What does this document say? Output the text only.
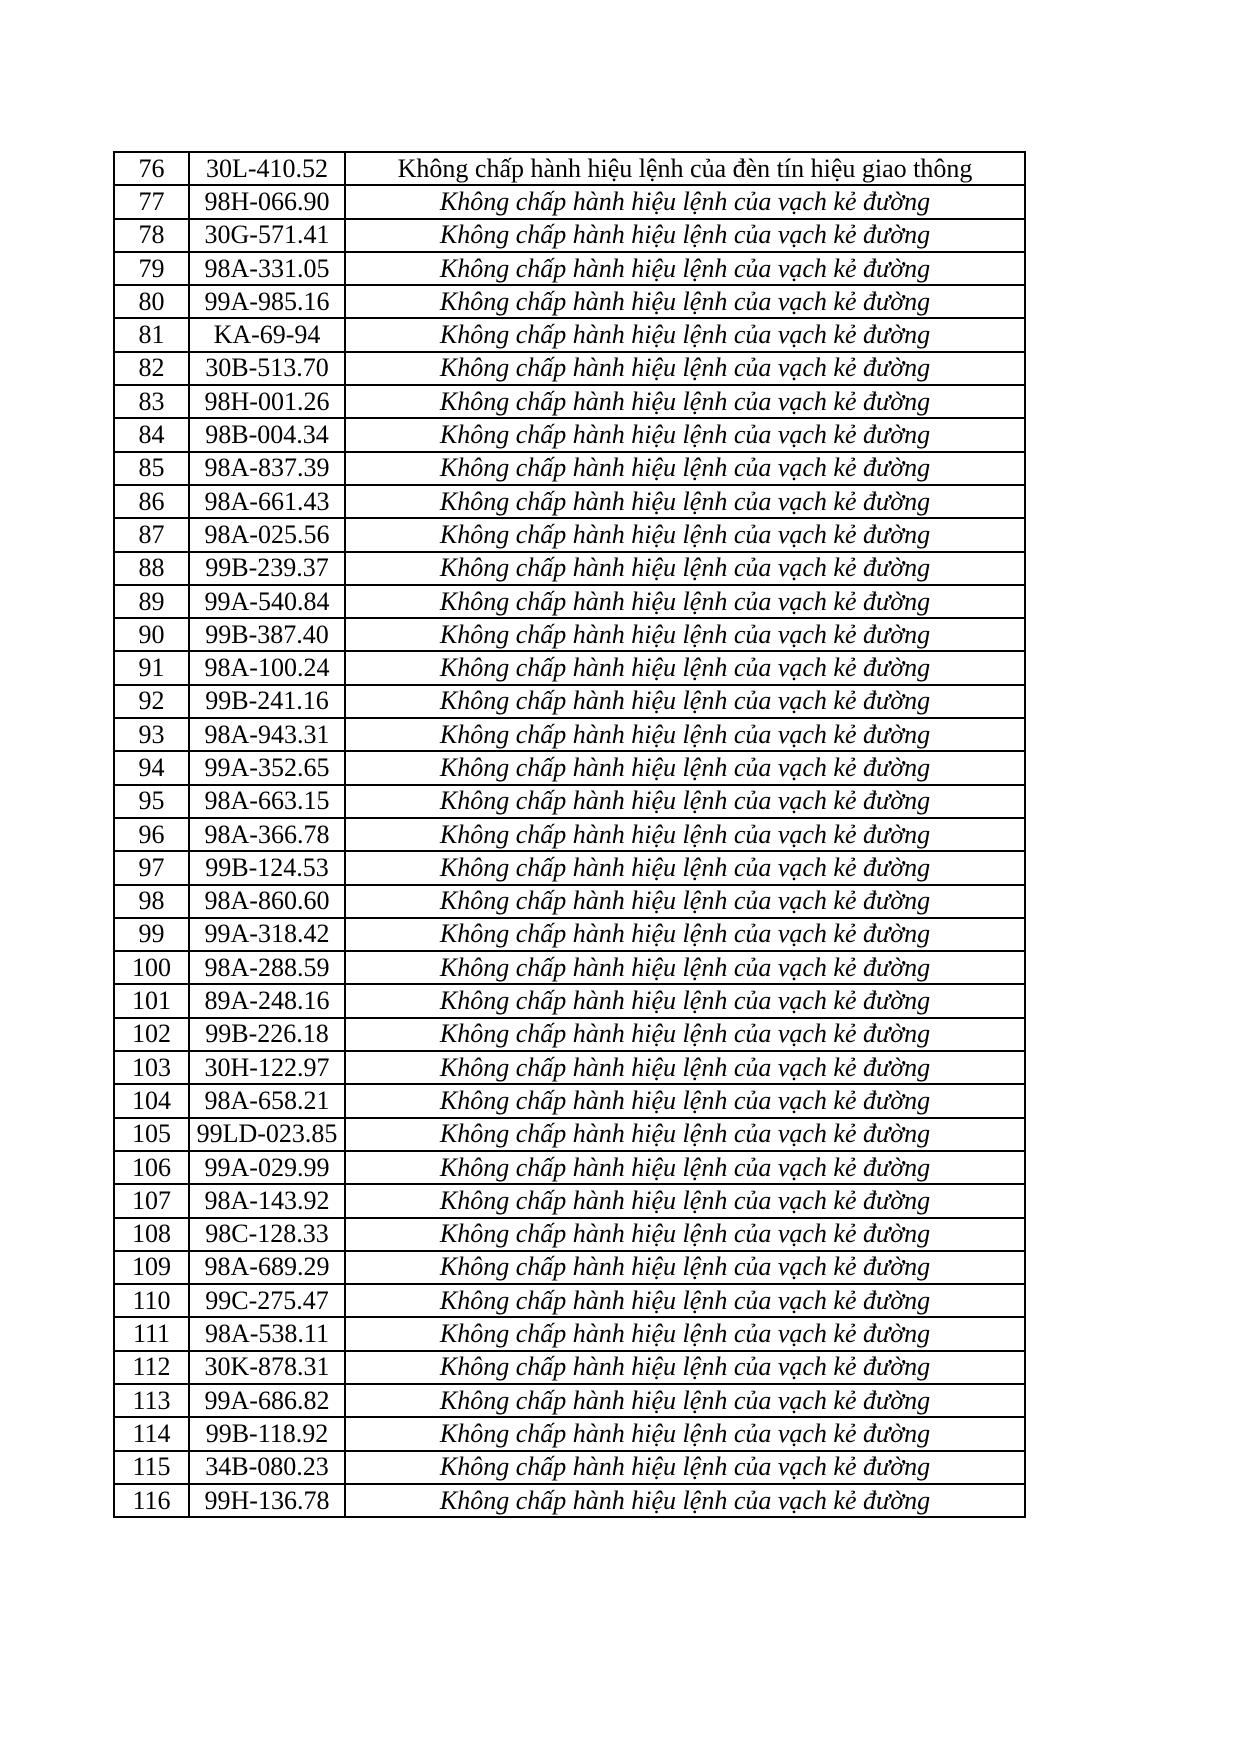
76	30L-410.52	Không chấp hành hiệu lệnh của đèn tín hiệu giao thông
77	98H-066.90	Không chấp hành hiệu lệnh của vạch kẻ đường
78	30G-571.41	Không chấp hành hiệu lệnh của vạch kẻ đường
79	98A-331.05	Không chấp hành hiệu lệnh của vạch kẻ đường
80	99A-985.16	Không chấp hành hiệu lệnh của vạch kẻ đường
81	KA-69-94	Không chấp hành hiệu lệnh của vạch kẻ đường
82	30B-513.70	Không chấp hành hiệu lệnh của vạch kẻ đường
83	98H-001.26	Không chấp hành hiệu lệnh của vạch kẻ đường
84	98B-004.34	Không chấp hành hiệu lệnh của vạch kẻ đường
85	98A-837.39	Không chấp hành hiệu lệnh của vạch kẻ đường
86	98A-661.43	Không chấp hành hiệu lệnh của vạch kẻ đường
87	98A-025.56	Không chấp hành hiệu lệnh của vạch kẻ đường
88	99B-239.37	Không chấp hành hiệu lệnh của vạch kẻ đường
89	99A-540.84	Không chấp hành hiệu lệnh của vạch kẻ đường
90	99B-387.40	Không chấp hành hiệu lệnh của vạch kẻ đường
91	98A-100.24	Không chấp hành hiệu lệnh của vạch kẻ đường
92	99B-241.16	Không chấp hành hiệu lệnh của vạch kẻ đường
93	98A-943.31	Không chấp hành hiệu lệnh của vạch kẻ đường
94	99A-352.65	Không chấp hành hiệu lệnh của vạch kẻ đường
95	98A-663.15	Không chấp hành hiệu lệnh của vạch kẻ đường
96	98A-366.78	Không chấp hành hiệu lệnh của vạch kẻ đường
97	99B-124.53	Không chấp hành hiệu lệnh của vạch kẻ đường
98	98A-860.60	Không chấp hành hiệu lệnh của vạch kẻ đường
99	99A-318.42	Không chấp hành hiệu lệnh của vạch kẻ đường
100	98A-288.59	Không chấp hành hiệu lệnh của vạch kẻ đường
101	89A-248.16	Không chấp hành hiệu lệnh của vạch kẻ đường
102	99B-226.18	Không chấp hành hiệu lệnh của vạch kẻ đường
103	30H-122.97	Không chấp hành hiệu lệnh của vạch kẻ đường
104	98A-658.21	Không chấp hành hiệu lệnh của vạch kẻ đường
105	99LD-023.85	Không chấp hành hiệu lệnh của vạch kẻ đường
106	99A-029.99	Không chấp hành hiệu lệnh của vạch kẻ đường
107	98A-143.92	Không chấp hành hiệu lệnh của vạch kẻ đường
108	98C-128.33	Không chấp hành hiệu lệnh của vạch kẻ đường
109	98A-689.29	Không chấp hành hiệu lệnh của vạch kẻ đường
110	99C-275.47	Không chấp hành hiệu lệnh của vạch kẻ đường
111	98A-538.11	Không chấp hành hiệu lệnh của vạch kẻ đường
112	30K-878.31	Không chấp hành hiệu lệnh của vạch kẻ đường
113	99A-686.82	Không chấp hành hiệu lệnh của vạch kẻ đường
114	99B-118.92	Không chấp hành hiệu lệnh của vạch kẻ đường
115	34B-080.23	Không chấp hành hiệu lệnh của vạch kẻ đường
116	99H-136.78	Không chấp hành hiệu lệnh của vạch kẻ đường
